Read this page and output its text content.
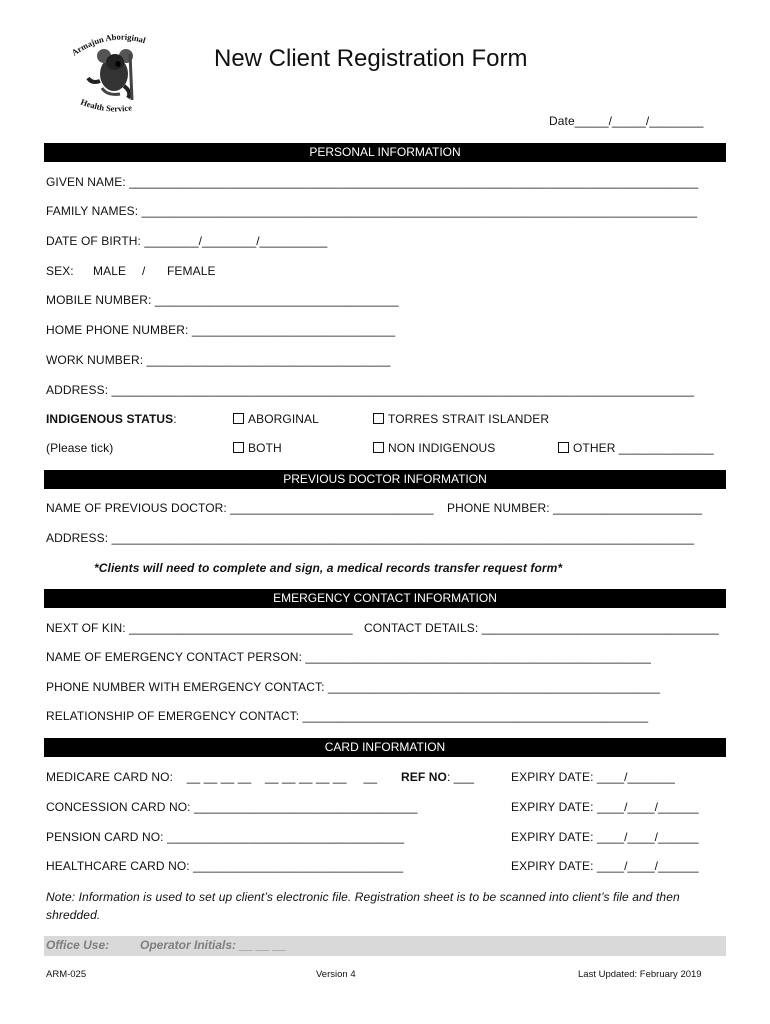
Armajun Aboriginal
Health Service
New Client Registration Form
Date_____/_____/________
PERSONAL INFORMATION
GIVEN NAME: ____________________________________________________________________________________
FAMILY NAMES: __________________________________________________________________________________
DATE OF BIRTH: ________/________/__________
SEX: MALE / FEMALE
MOBILE NUMBER: ____________________________________
HOME PHONE NUMBER: ______________________________
WORK NUMBER: ____________________________________
ADDRESS: ______________________________________________________________________________________
INDIGENOUS STATUS:	ABORGINAL	TORRES STRAIT ISLANDER
(Please tick)	BOTH	NON INDIGENOUS	OTHER ______________
PREVIOUS DOCTOR INFORMATION
NAME OF PREVIOUS DOCTOR: ______________________________ PHONE NUMBER: ______________________
ADDRESS: ______________________________________________________________________________________
*Clients will need to complete and sign, a medical records transfer request form*
EMERGENCY CONTACT INFORMATION
NEXT OF KIN: _________________________________ CONTACT DETAILS: ___________________________________
NAME OF EMERGENCY CONTACT PERSON: ___________________________________________________
PHONE NUMBER WITH EMERGENCY CONTACT: _________________________________________________
RELATIONSHIP OF EMERGENCY CONTACT: ___________________________________________________
CARD INFORMATION
MEDICARE CARD NO:    __ __ __ __    __ __ __ __ __     __ REF NO: ___	EXPIRY DATE: ____/_______
CONCESSION CARD NO: _________________________________	EXPIRY DATE: ____/____/______
PENSION CARD NO: ___________________________________	EXPIRY DATE: ____/____/______
HEALTHCARE CARD NO: _______________________________	EXPIRY DATE: ____/____/______
Note: Information is used to set up client’s electronic file. Registration sheet is to be scanned into client’s file and then
shredded.
Office Use:	Operator Initials: __ __ __
ARM-025	Version 4	Last Updated: February 2019
